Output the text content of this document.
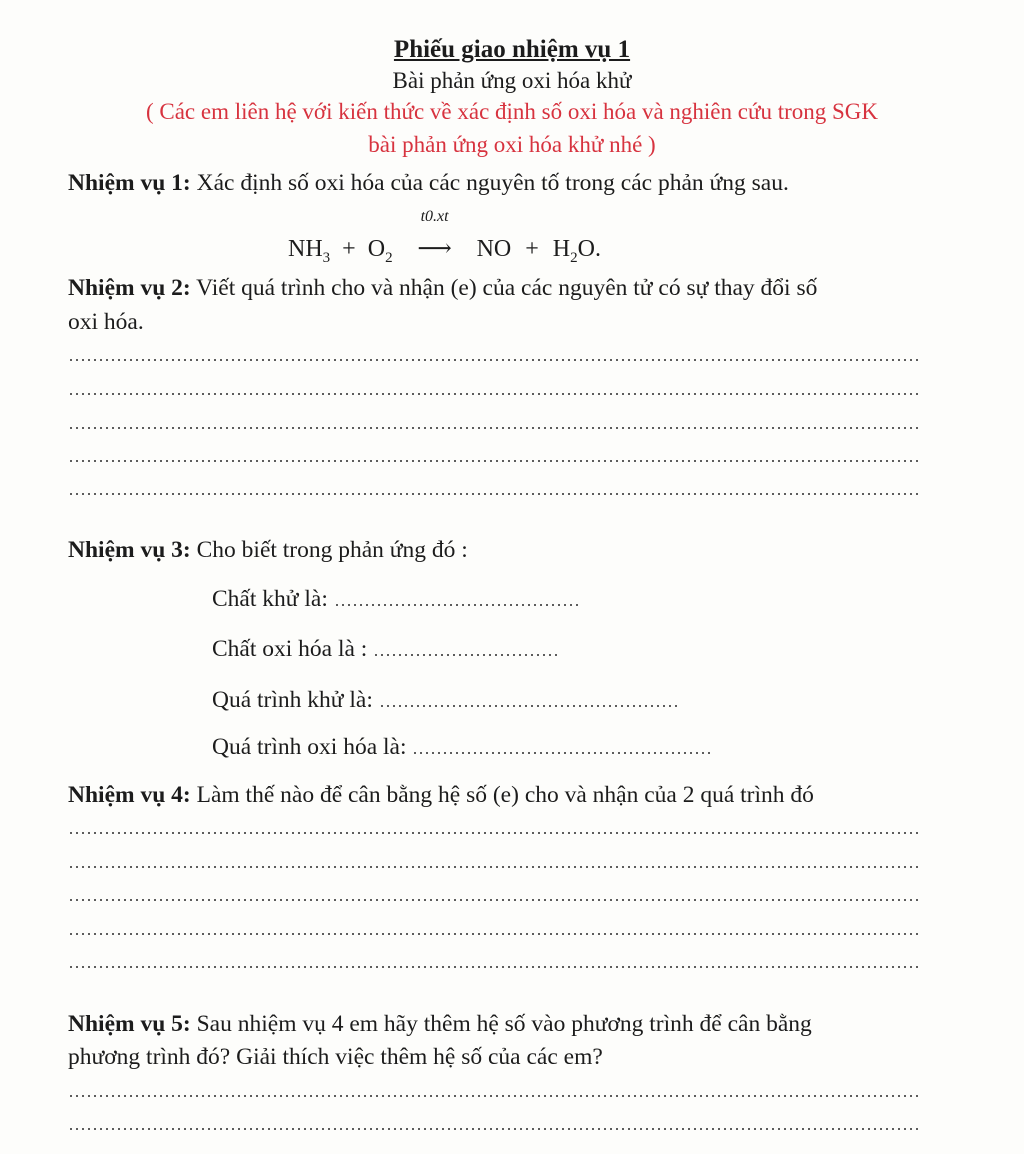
Phiếu giao nhiệm vụ 1
Bài phản ứng oxi hóa khử
( Các em liên hệ với kiến thức về xác định số oxi hóa và nghiên cứu trong SGK
bài phản ứng oxi hóa khử nhé )
Nhiệm vụ 1: Xác định số oxi hóa của các nguyên tố trong các phản ứng sau.
$NH_3 + O_2$
t0.xt
⟶ NO + $H_2O$.
Nhiệm vụ 2: Viết quá trình cho và nhận (e) của các nguyên tử có sự thay đổi số
oxi hóa.
Nhiệm vụ 3: Cho biết trong phản ứng đó :
Chất khử là:
Chất oxi hóa là :
Quá trình khử là:
Quá trình oxi hóa là:
Nhiệm vụ 4: Làm thế nào để cân bằng hệ số (e) cho và nhận của 2 quá trình đó
Nhiệm vụ 5: Sau nhiệm vụ 4 em hãy thêm hệ số vào phương trình để cân bằng
phương trình đó? Giải thích việc thêm hệ số của các em?
